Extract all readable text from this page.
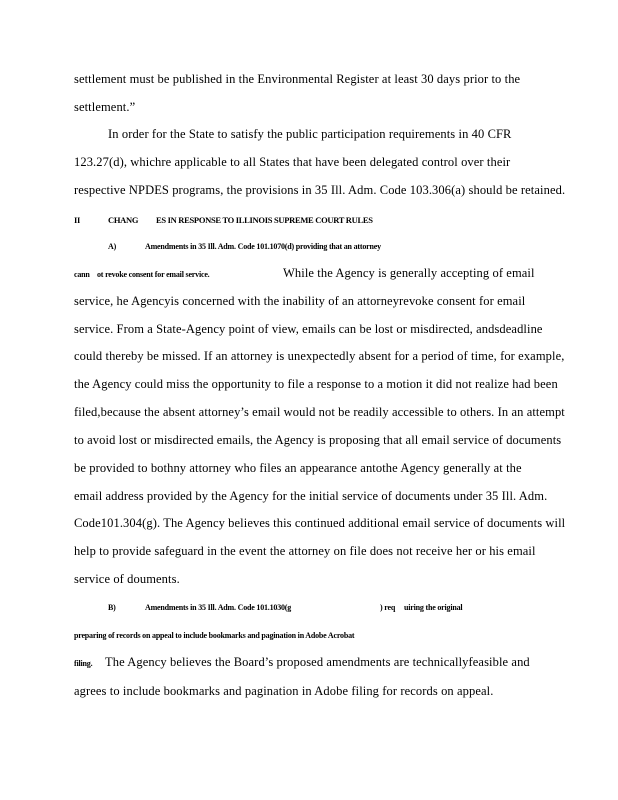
settlement must be published in the Environmental Register at least 30 days prior to the
settlement.”
In order for the State to satisfy the public participation requirements in 40 CFR
123.27(d), whichre applicable to all States that have been delegated control over their
respective NPDES programs, the provisions in 35 Ill. Adm. Code 103.306(a) should be retained.
II	CHANG ES IN RESPONSE TO ILLINOIS SUPREME COURT RULES
A)	Amendments in 35 Ill. Adm. Code 101.1070(d) providing that an attorney
cann ot revoke consent for email service.	While the Agency is generally accepting of email
service, he Agencyis concerned with the inability of an attorneyrevoke consent for email
service. From a State-Agency point of view, emails can be lost or misdirected, andsdeadline
could thereby be missed. If an attorney is unexpectedly absent for a period of time, for example,
the Agency could miss the opportunity to file a response to a motion it did not realize had been
filed,because the absent attorney’s email would not be readily accessible to others. In an attempt
to avoid lost or misdirected emails, the Agency is proposing that all email service of documents
be provided to bothny attorney who files an appearance antothe Agency generally at the
email address provided by the Agency for the initial service of documents under 35 Ill. Adm.
Code101.304(g). The Agency believes this continued additional email service of documents will
help to provide safeguard in the event the attorney on file does not receive her or his email
service of douments.
B)	Amendments in 35 Ill. Adm. Code 101.1030(g	) req uiring the original
preparing of records on appeal to include bookmarks and pagination in Adobe Acrobat
filing. The Agency believes the Board’s proposed amendments are technicallyfeasible and
agrees to include bookmarks and pagination in Adobe filing for records on appeal.
